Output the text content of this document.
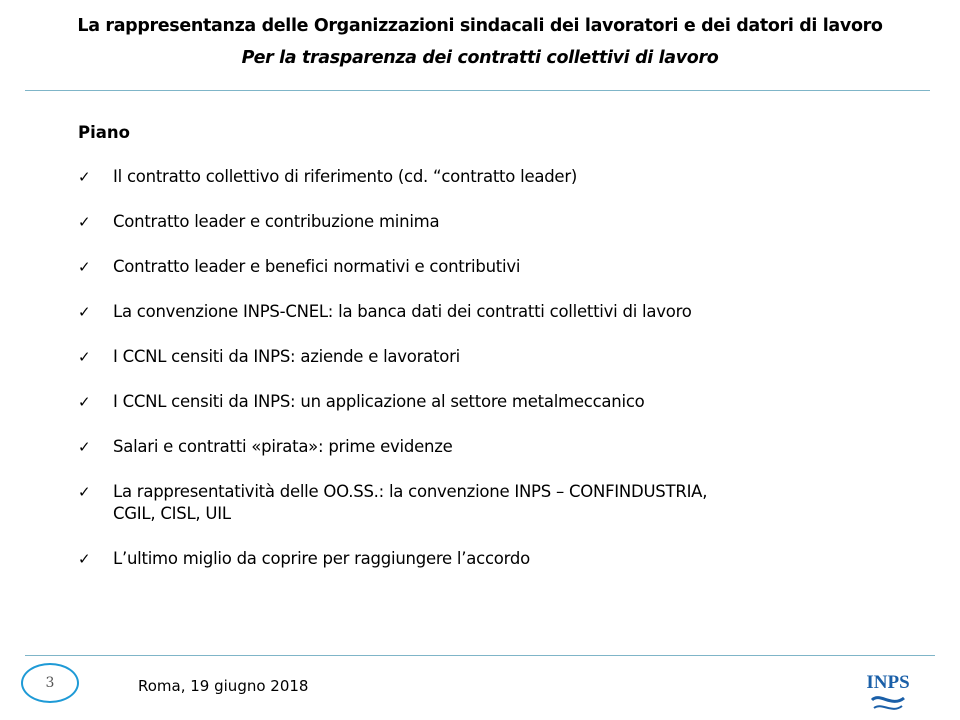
La rappresentanza delle Organizzazioni sindacali dei lavoratori e dei datori di lavoro
Per la trasparenza dei contratti collettivi di lavoro
Piano
✓	Il contratto collettivo di riferimento (cd. “contratto leader)
✓	Contratto leader e contribuzione minima
✓	Contratto leader e benefici normativi e contributivi
✓	La convenzione INPS-CNEL: la banca dati dei contratti collettivi di lavoro
✓	I CCNL censiti da INPS: aziende e lavoratori
✓	I CCNL censiti da INPS: un applicazione al settore metalmeccanico
✓	Salari e contratti «pirata»: prime evidenze
✓	La rappresentatività delle OO.SS.: la convenzione INPS – CONFINDUSTRIA,
CGIL, CISL, UIL
✓	L’ultimo miglio da coprire per raggiungere l’accordo
3	Roma, 19 giugno 2018	INPS
